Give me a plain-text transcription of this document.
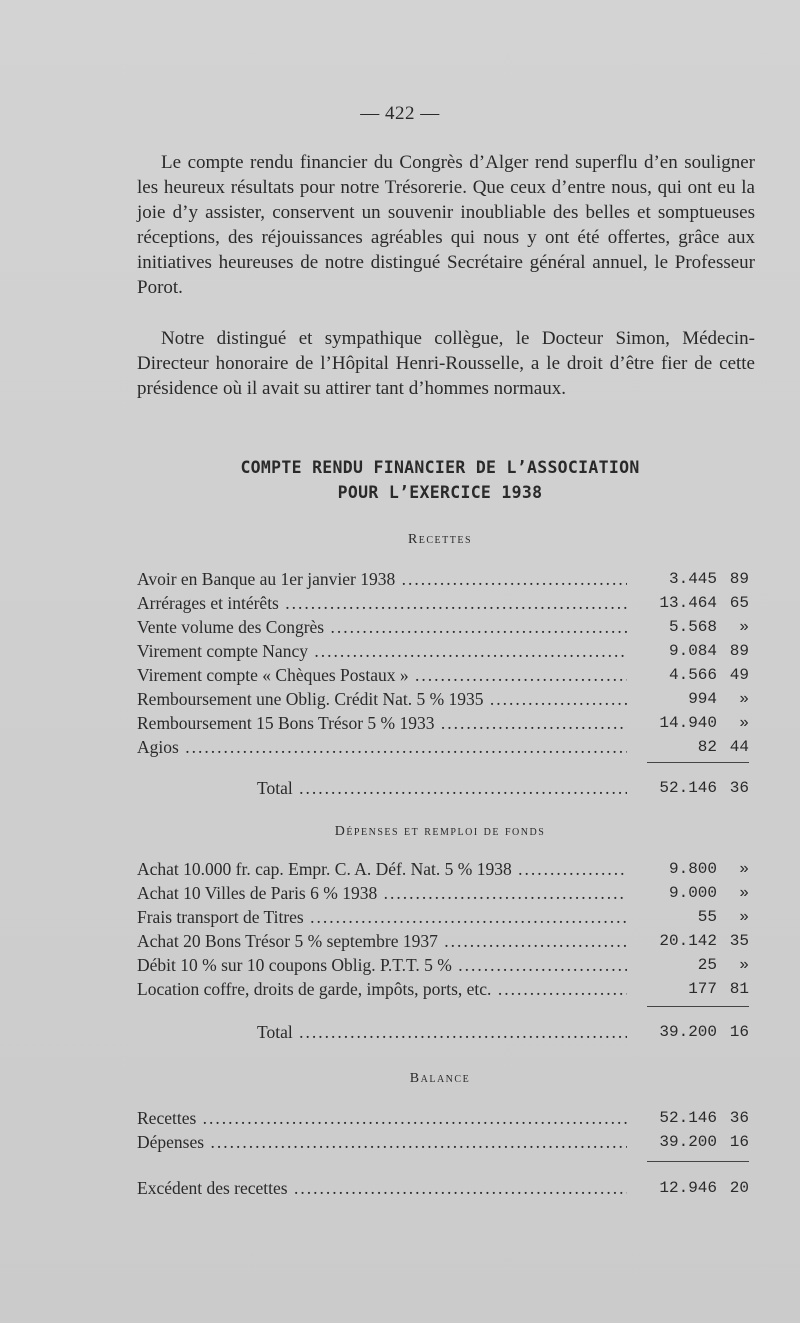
— 422 —

Le compte rendu financier du Congrès d’Alger rend superflu d’en souligner les heureux résultats pour notre Trésorerie. Que ceux d’entre nous, qui ont eu la joie d’y assister, conservent un souvenir inoubliable des belles et somptueuses réceptions, des réjouissances agréables qui nous y ont été offertes, grâce aux initiatives heureuses de notre distingué Secrétaire général annuel, le Professeur Porot.

Notre distingué et sympathique collègue, le Docteur Simon, Médecin-Directeur honoraire de l’Hôpital Henri-Rousselle, a le droit d’être fier de cette présidence où il avait su attirer tant d’hommes normaux.

COMPTE RENDU FINANCIER DE L’ASSOCIATION
POUR L’EXERCICE 1938
Recettes
Avoir en Banque au 1er janvier 1938 .....	3.445 89
Arrérages et intérêts .....	13.464 65
Vente volume des Congrès .....	5.568	»
Virement compte Nancy .....	9.084 89
Virement compte « Chèques Postaux » .....	4.566 49
Remboursement une Oblig. Crédit Nat. 5 % 1935 .....	994	»
Remboursement 15 Bons Trésor 5 % 1933 .....	14.940	»
Agios .....	82 44
Total .....	52.146 36
Dépenses et remploi de fonds
Achat 10.000 fr. cap. Empr. C. A. Déf. Nat. 5 % 1938 .....	9.800	»
Achat 10 Villes de Paris 6 % 1938 .....	9.000	»
Frais transport de Titres .....	55	»
Achat 20 Bons Trésor 5 % septembre 1937 .....	20.142 35
Débit 10 % sur 10 coupons Oblig. P.T.T. 5 % .....	25	»
Location coffre, droits de garde, impôts, ports, etc. .....	177 81
Total .....	39.200 16
Balance
Recettes .....	52.146 36
Dépenses .....	39.200 16
Excédent des recettes .....	12.946 20
